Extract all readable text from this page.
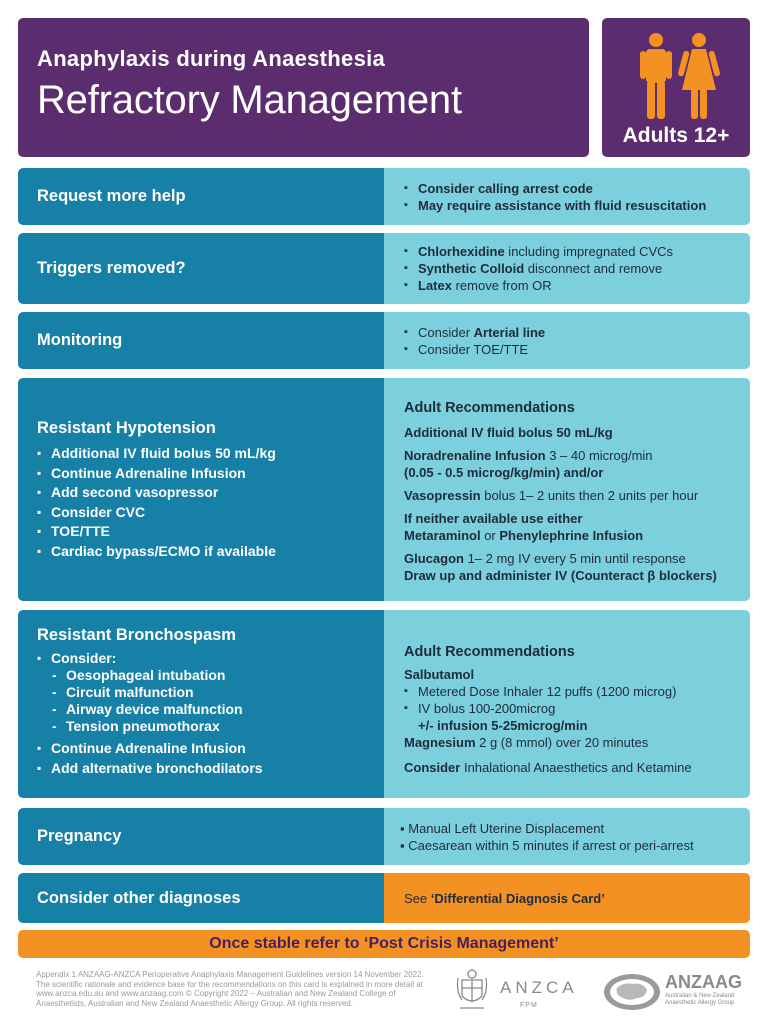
Anaphylaxis during Anaesthesia
Refractory Management
Adults 12+
Request more help	▪ Consider calling arrest code
▪ May require assistance with fluid resuscitation
Triggers removed?
▪ Chlorhexidine including impregnated CVCs
▪ Synthetic Colloid disconnect and remove
▪ Latex remove from OR
Monitoring	▪ Consider Arterial line
▪ Consider TOE/TTE
Resistant Hypotension
▪ Additional IV fluid bolus 50 mL/kg
▪ Continue Adrenaline Infusion
▪ Add second vasopressor
▪ Consider CVC
▪ TOE/TTE
▪ Cardiac bypass/ECMO if available
Adult Recommendations

Additional IV fluid bolus 50 mL/kg

Noradrenaline Infusion 3 – 40 microg/min

(0.05 - 0.5 microg/kg/min) and/or

Vasopressin bolus 1– 2 units then 2 units per hour

If neither available use either

Metaraminol or Phenylephrine Infusion

Glucagon 1– 2 mg IV every 5 min until response

Draw up and administer IV (Counteract β blockers)

Resistant Bronchospasm
▪ Consider:
- Oesophageal intubation
- Circuit malfunction
- Airway device malfunction
- Tension pneumothorax
▪ Continue Adrenaline Infusion
▪ Add alternative bronchodilators
Adult Recommendations

Salbutamol

▪ Metered Dose Inhaler 12 puffs (1200 microg)
▪ IV bolus 100-200microg

+/- infusion 5-25microg/min

Magnesium 2 g (8 mmol) over 20 minutes

Consider Inhalational Anaesthetics and Ketamine

Pregnancy	▪ Manual Left Uterine Displacement

▪ Caesarean within 5 minutes if arrest or peri-arrest

Consider other diagnoses	See ‘Differential Diagnosis Card’

Once stable refer to ‘Post Crisis Management’
Appendix 1 ANZAAG-ANZCA Perioperative Anaphylaxis Management Guidelines version 14 November 2022. The scientific rationale and evidence base for the recommendations on this card is explained in more detail at www.anzca.edu.au and www.anzaag.com © Copyright 2022 – Australian and New Zealand College of Anaesthetists, Australian and New Zealand Anaesthetic Allergy Group. All rights reserved.
ANZCA
FPM
ANZAAG
Australian & New Zealand
Anaesthetic Allergy Group
